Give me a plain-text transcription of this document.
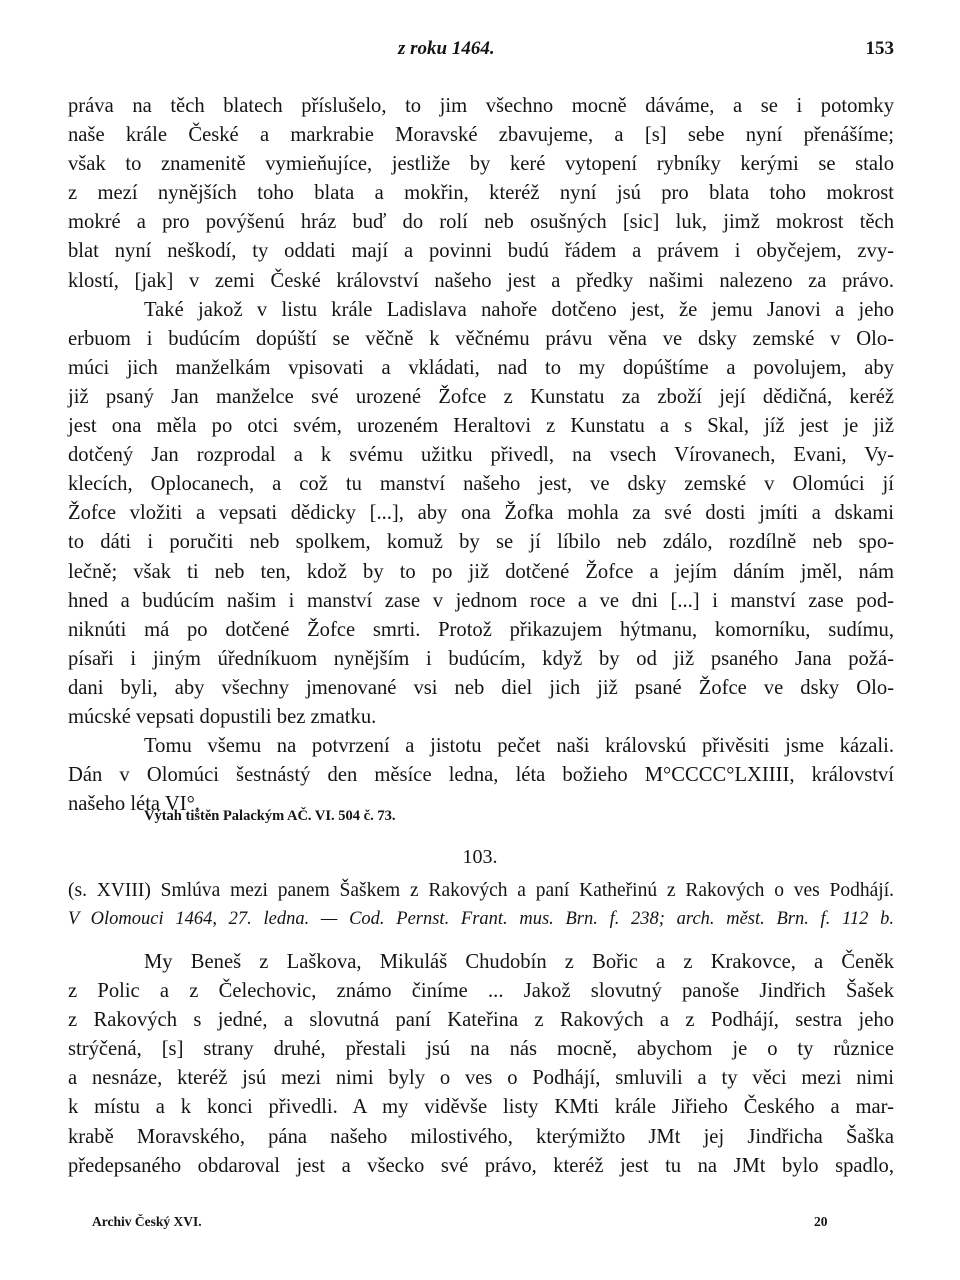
z roku 1464.	153
práva na těch blatech příslušelo, to jim všechno mocně dáváme, a se i potomky
naše krále České a markrabie Moravské zbavujeme, a [s] sebe nyní přenášíme;
však to znamenitě vymieňujíce, jestliže by keré vytopení rybníky kerými se stalo
z mezí nynějších toho blata a mokřin, kteréž nyní jsú pro blata toho mokrost
mokré a pro povýšenú hráz buď do rolí neb osušných [sic] luk, jimž mokrost těch
blat nyní neškodí, ty oddati mají a povinni budú řádem a právem i obyčejem, zvy-
klostí, [jak] v zemi České království našeho jest a předky našimi nalezeno za právo.
Také jakož v listu krále Ladislava nahoře dotčeno jest, že jemu Janovi a jeho
erbuom i budúcím dopúští se věčně k věčnému právu věna ve dsky zemské v Olo-
múci jich manželkám vpisovati a vkládati, nad to my dopúštíme a povolujem, aby
již psaný Jan manželce své urozené Žofce z Kunstatu za zboží její dědičná, keréž
jest ona měla po otci svém, urozeném Heraltovi z Kunstatu a s Skal, jíž jest je již
dotčený Jan rozprodal a k svému užitku přivedl, na vsech Vírovanech, Evani, Vy-
klecích, Oplocanech, a což tu manství našeho jest, ve dsky zemské v Olomúci jí
Žofce vložiti a vepsati dědicky [...], aby ona Žofka mohla za své dosti jmíti a dskami
to dáti i poručiti neb spolkem, komuž by se jí líbilo neb zdálo, rozdílně neb spo-
lečně; však ti neb ten, kdož by to po již dotčené Žofce a jejím dáním jměl, nám
hned a budúcím našim i manství zase v jednom roce a ve dni [...] i manství zase pod-
niknúti má po dotčené Žofce smrti. Protož přikazujem hýtmanu, komorníku, sudímu,
písaři i jiným úředníkuom nynějším i budúcím, když by od již psaného Jana požá-
dani byli, aby všechny jmenované vsi neb diel jich již psané Žofce ve dsky Olo-
múcské vepsati dopustili bez zmatku.
Tomu všemu na potvrzení a jistotu pečet naši královskú přivěsiti jsme kázali.
Dán v Olomúci šestnástý den měsíce ledna, léta božieho M°CCCC°LXIIII, království
našeho léta VI°.
Výtah tištěn Palackým AČ. VI. 504 č. 73.
103.
(s. XVIII) Smlúva mezi panem Šaškem z Rakových a paní Katheřinú z Rakových o ves Podhájí.
V Olomouci 1464, 27. ledna. — Cod. Pernst. Frant. mus. Brn. f. 238; arch. měst. Brn. f. 112 b.
My Beneš z Laškova, Mikuláš Chudobín z Bořic a z Krakovce, a Čeněk
z Polic a z Čelechovic, známo činíme ... Jakož slovutný panoše Jindřich Šašek
z Rakových s jedné, a slovutná paní Kateřina z Rakových a z Podhájí, sestra jeho
strýčená, [s] strany druhé, přestali jsú na nás mocně, abychom je o ty různice
a nesnáze, kteréž jsú mezi nimi byly o ves o Podhájí, smluvili a ty věci mezi nimi
k místu a k konci přivedli. A my viděvše listy KMti krále Jiřieho Českého a mar-
krabě Moravského, pána našeho milostivého, kterýmižto JMt jej Jindřicha Šaška
předepsaného obdaroval jest a všecko své právo, kteréž jest tu na JMt bylo spadlo,
Archiv Český XVI.	20
